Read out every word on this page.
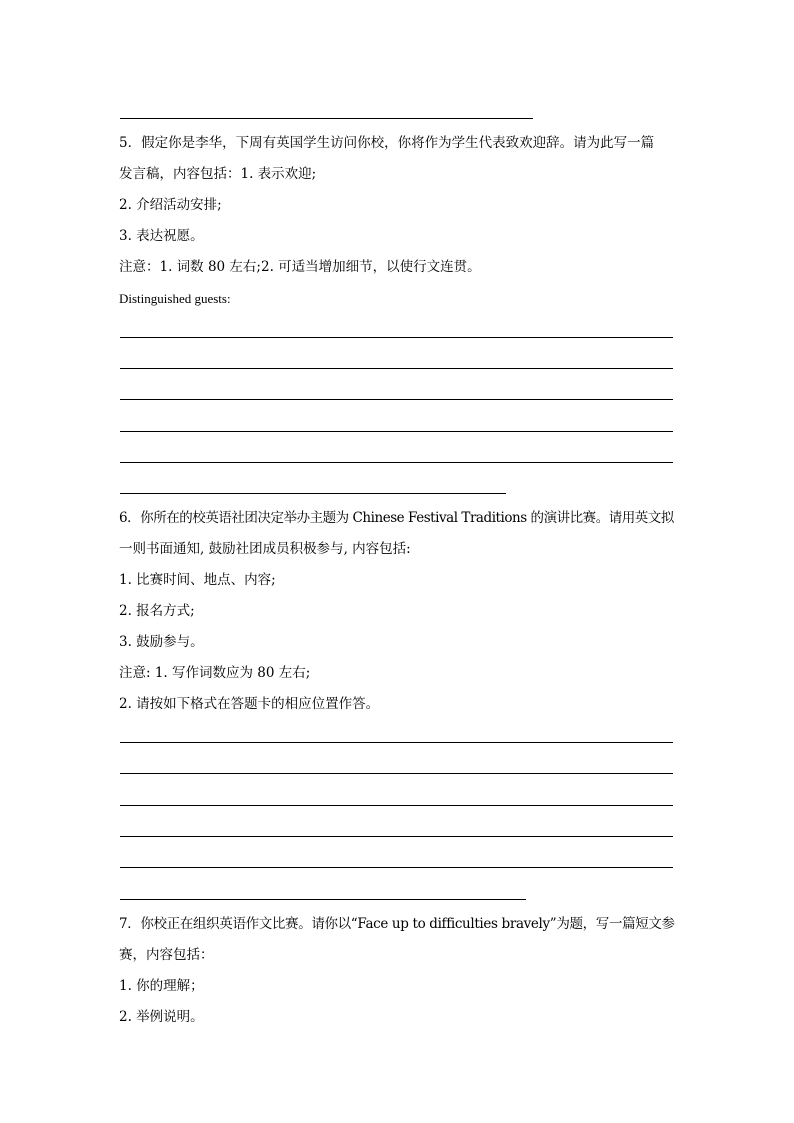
5．假定你是李华，下周有英国学生访问你校，你将作为学生代表致欢迎辞。请为此写一篇
发言稿，内容包括：1. 表示欢迎;
2. 介绍活动安排;
3. 表达祝愿。
注意：1. 词数 80 左右;2. 可适当增加细节，以使行文连贯。
Distinguished guests:
6．你所在的校英语社团决定举办主题为 Chinese Festival Traditions 的演讲比赛。请用英文拟
一则书面通知, 鼓励社团成员积极参与, 内容包括:
1. 比赛时间、地点、内容;
2. 报名方式;
3. 鼓励参与。
注意: 1. 写作词数应为 80 左右;
2. 请按如下格式在答题卡的相应位置作答。
7．你校正在组织英语作文比赛。请你以“Face up to difficulties bravely”为题，写一篇短文参
赛，内容包括：
1. 你的理解；
2. 举例说明。
